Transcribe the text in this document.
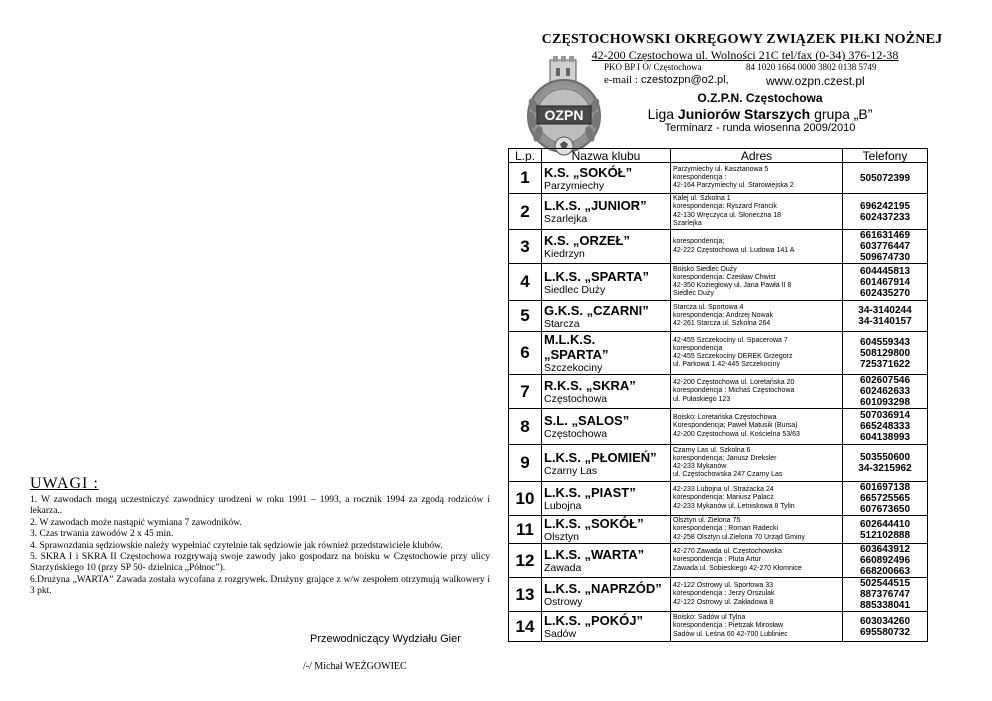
OZPN
CZĘSTOCHOWSKI OKRĘGOWY ZWIĄZEK PIŁKI NOŻNEJ
42-200 Częstochowa ul. Wolności 21C tel/fax (0-34) 376-12-38
PKO BP I O/ Częstochowa	84 1020 1664 0000 3802 0138 5749
e-mail : czestozpn@o2.pl,	www.ozpn.czest.pl
O.Z.P.N. Częstochowa
Liga Juniorów Starszych grupa „B”
Terminarz - runda wiosenna 2009/2010
L.p.	Nazwa klubu	Adres	Telefony
1	K.S. „SOKÓŁ”
Parzymiechy	Parzymiechy ul. Kasztanowa 5
korespondencja :
42-164 Parzymiechy ul. Starowiejska 2	505072399

2	L.K.S. „JUNIOR”
Szarlejka	Kalej ul. Szkolna 1
korespondencja: Ryszard Francik
42-130 Wręczyca ul. Słoneczna 18
Szarlejka	696242195
602437233

3	K.S. „ORZEŁ”
Kiedrzyn	korespondencja;
42-222 Częstochowa ul. Ludowa 141 A	661631469
603776447
509674730

4	L.K.S. „SPARTA”
Siedlec Duży	Boisko Siedlec Duży
korespondencja: Czesław Chwist
42-350 Koziegłowy ul. Jana Pawła II 8
Siedlec Duży	604445813
601467914
602435270

5	G.K.S. „CZARNI”
Starcza	Starcza ul. Sportowa 4
korespondencja: Andrzej Nowak
42-261 Starcza ul. Szkolna 264	34-3140244
34-3140157

6	M.L.K.S.
„SPARTA”
Szczekociny	42-455 Szczekociny ul. Spacerowa 7
korespondencja
42-455 Szczekociny DEREK Grzegorz
ul. Parkowa 1 42-445 Szczekociny	604559343
508129800
725371622

7	R.K.S. „SKRA”
Częstochowa	42-200 Częstochowa ul. Loretańska 20
korespondencja : Michaś Częstochowa
ul. Pułaskiego 123	602607546
602462633
601093298

8	S.L. „SALOS”
Częstochowa	Boisko: Loretańska Częstochowa
Korespondencja; Paweł Matusik (Bursa)
42-200 Częstochowa ul. Kościelna 53/63	507036914
665248333
604138993

9	L.K.S. „PŁOMIEŃ”
Czarny Las	Czarny Las ul. Szkolna 6
korespondencja: Janusz Dreksler
42-233 Mykanów
ul. Częstochowska 247 Czarny Las	503550600
34-3215962

10	L.K.S. „PIAST”
Lubojna	42-233 Lubojna ul .Strażacka 24
korespondencja: Mariusz Palacz
42-233 Mykanów ul. Letniskowa 8 Tylin	601697138
665725565
607673650

11	L.K.S. „SOKÓŁ”
Olsztyn	Olsztyn ul. Zielona 75
korespondencja : Roman Radecki
42-258 Olsztyn ul.Zielona 70 Urząd Gminy	602644410
512102888

12	L.K.S. „WARTA”
Zawada	42-270 Zawada ul. Częstochowska
korespondencja : Pluta Artur
Zawada ul. Sobieskiego 42-270 Kłomnice	603643912
660892496
668200663

13	L.K.S. „NAPRZÓD”
Ostrowy	42-122 Ostrowy ul. Sportowa 33
korespondencja : Jerzy Orszulak
42-122 Ostrowy ul. Zakładowa 8	502544515
887376747
885338041

14	L.K.S. „POKÓJ”
Sadów	Boisko: Sadów ul Tylna
korespondencja : Pietrzak Mirosław
Sadów ul. Leśna 60 42-700 Lubliniec	603034260
695580732
UWAGI :
1. W zawodach mogą uczestniczyć zawodnicy urodzeni w roku 1991 – 1993, a rocznik 1994 za zgodą rodziców i lekarza..
2. W zawodach może nastąpić wymiana 7 zawodników.
3. Czas trwania zawodów 2 x 45 min.
4. Sprawozdania sędziowskie należy wypełniać czytelnie tak sędziowie jak również przedstawiciele klubów.
5. SKRA I i SKRA II Częstochowa rozgrywają swoje zawody jako gospodarz na boisku w Częstochowie przy ulicy Starzyńskiego 10 (przy SP 50- dzielnica „Północ”).
6.Drużyna „WARTA” Zawada została wycofana z rozgrywek. Drużyny grające z w/w zespołem otrzymują walkowery i 3 pkt.
Przewodniczący Wydziału Gier
/-/ Michał WEŻGOWIEC
